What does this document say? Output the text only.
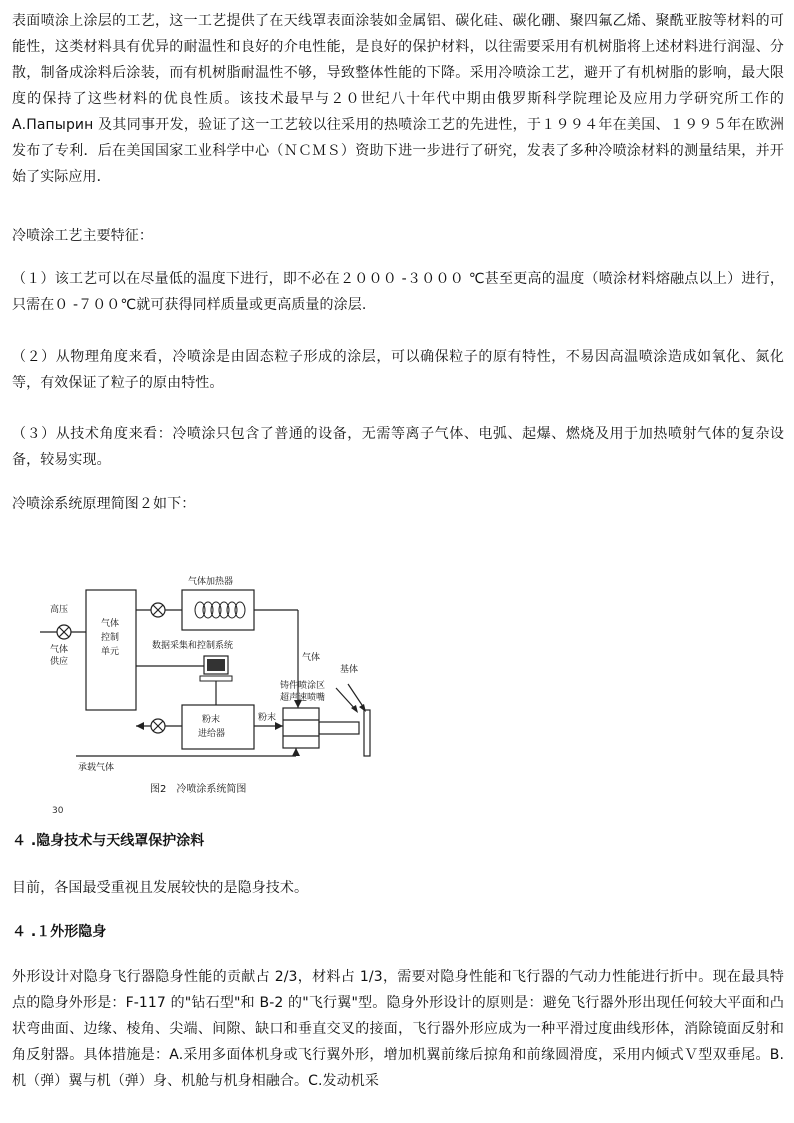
表面喷涂上涂层的工艺，这一工艺提供了在天线罩表面涂装如金属铝、碳化硅、碳化硼、聚四氟乙烯、聚酰亚胺等材料的可能性，这类材料具有优异的耐温性和良好的介电性能，是良好的保护材料，以往需要采用有机树脂将上述材料进行润湿、分散，制备成涂料后涂装，而有机树脂耐温性不够，导致整体性能的下降。采用冷喷涂工艺，避开了有机树脂的影响，最大限度的保持了这些材料的优良性质。该技术最早与２０世纪八十年代中期由俄罗斯科学院理论及应用力学研究所工作的 А.Папырин 及其同事开发，验证了这一工艺较以往采用的热喷涂工艺的先进性，于１９９４年在美国、１９９５年在欧洲发布了专利．后在美国国家工业科学中心（ＮＣＭＳ）资助下进一步进行了研究，发表了多种冷喷涂材料的测量结果，并开始了实际应用．

冷喷涂工艺主要特征：

（１）该工艺可以在尽量低的温度下进行，即不必在２０００ -３０００ ℃甚至更高的温度（喷涂材料熔融点以上）进行，只需在０ -７００℃就可获得同样质量或更高质量的涂层.

（２）从物理角度来看，冷喷涂是由固态粒子形成的涂层，可以确保粒子的原有特性，不易因高温喷涂造成如氧化、氮化等，有效保证了粒子的原由特性。

（３）从技术角度来看：冷喷涂只包含了普通的设备，无需等离子气体、电弧、起爆、燃烧及用于加热喷射气体的复杂设备，较易实现。

冷喷涂系统原理简图２如下：

高压
气体
供应
气体
控制
单元
气体加热器
数据采集和控制系统
气体
基体
铸件喷涂区
超声速喷嘴
粉末
粉末
进给器
承载气体
图2　冷喷涂系统简图
30
４ .隐身技术与天线罩保护涂料

目前，各国最受重视且发展较快的是隐身技术。

４ .１外形隐身

外形设计对隐身飞行器隐身性能的贡献占 2/3，材料占 1/3，需要对隐身性能和飞行器的气动力性能进行折中。现在最具特点的隐身外形是：F-117 的"钻石型"和 B-2 的"飞行翼"型。隐身外形设计的原则是：避免飞行器外形出现任何较大平面和凸状弯曲面、边缘、棱角、尖端、间隙、缺口和垂直交叉的接面，飞行器外形应成为一种平滑过度曲线形体，消除镜面反射和角反射器。具体措施是：A.采用多面体机身或飞行翼外形，增加机翼前缘后掠角和前缘圆滑度，采用内倾式Ｖ型双垂尾。B.机（弹）翼与机（弹）身、机舱与机身相融合。C.发动机采
